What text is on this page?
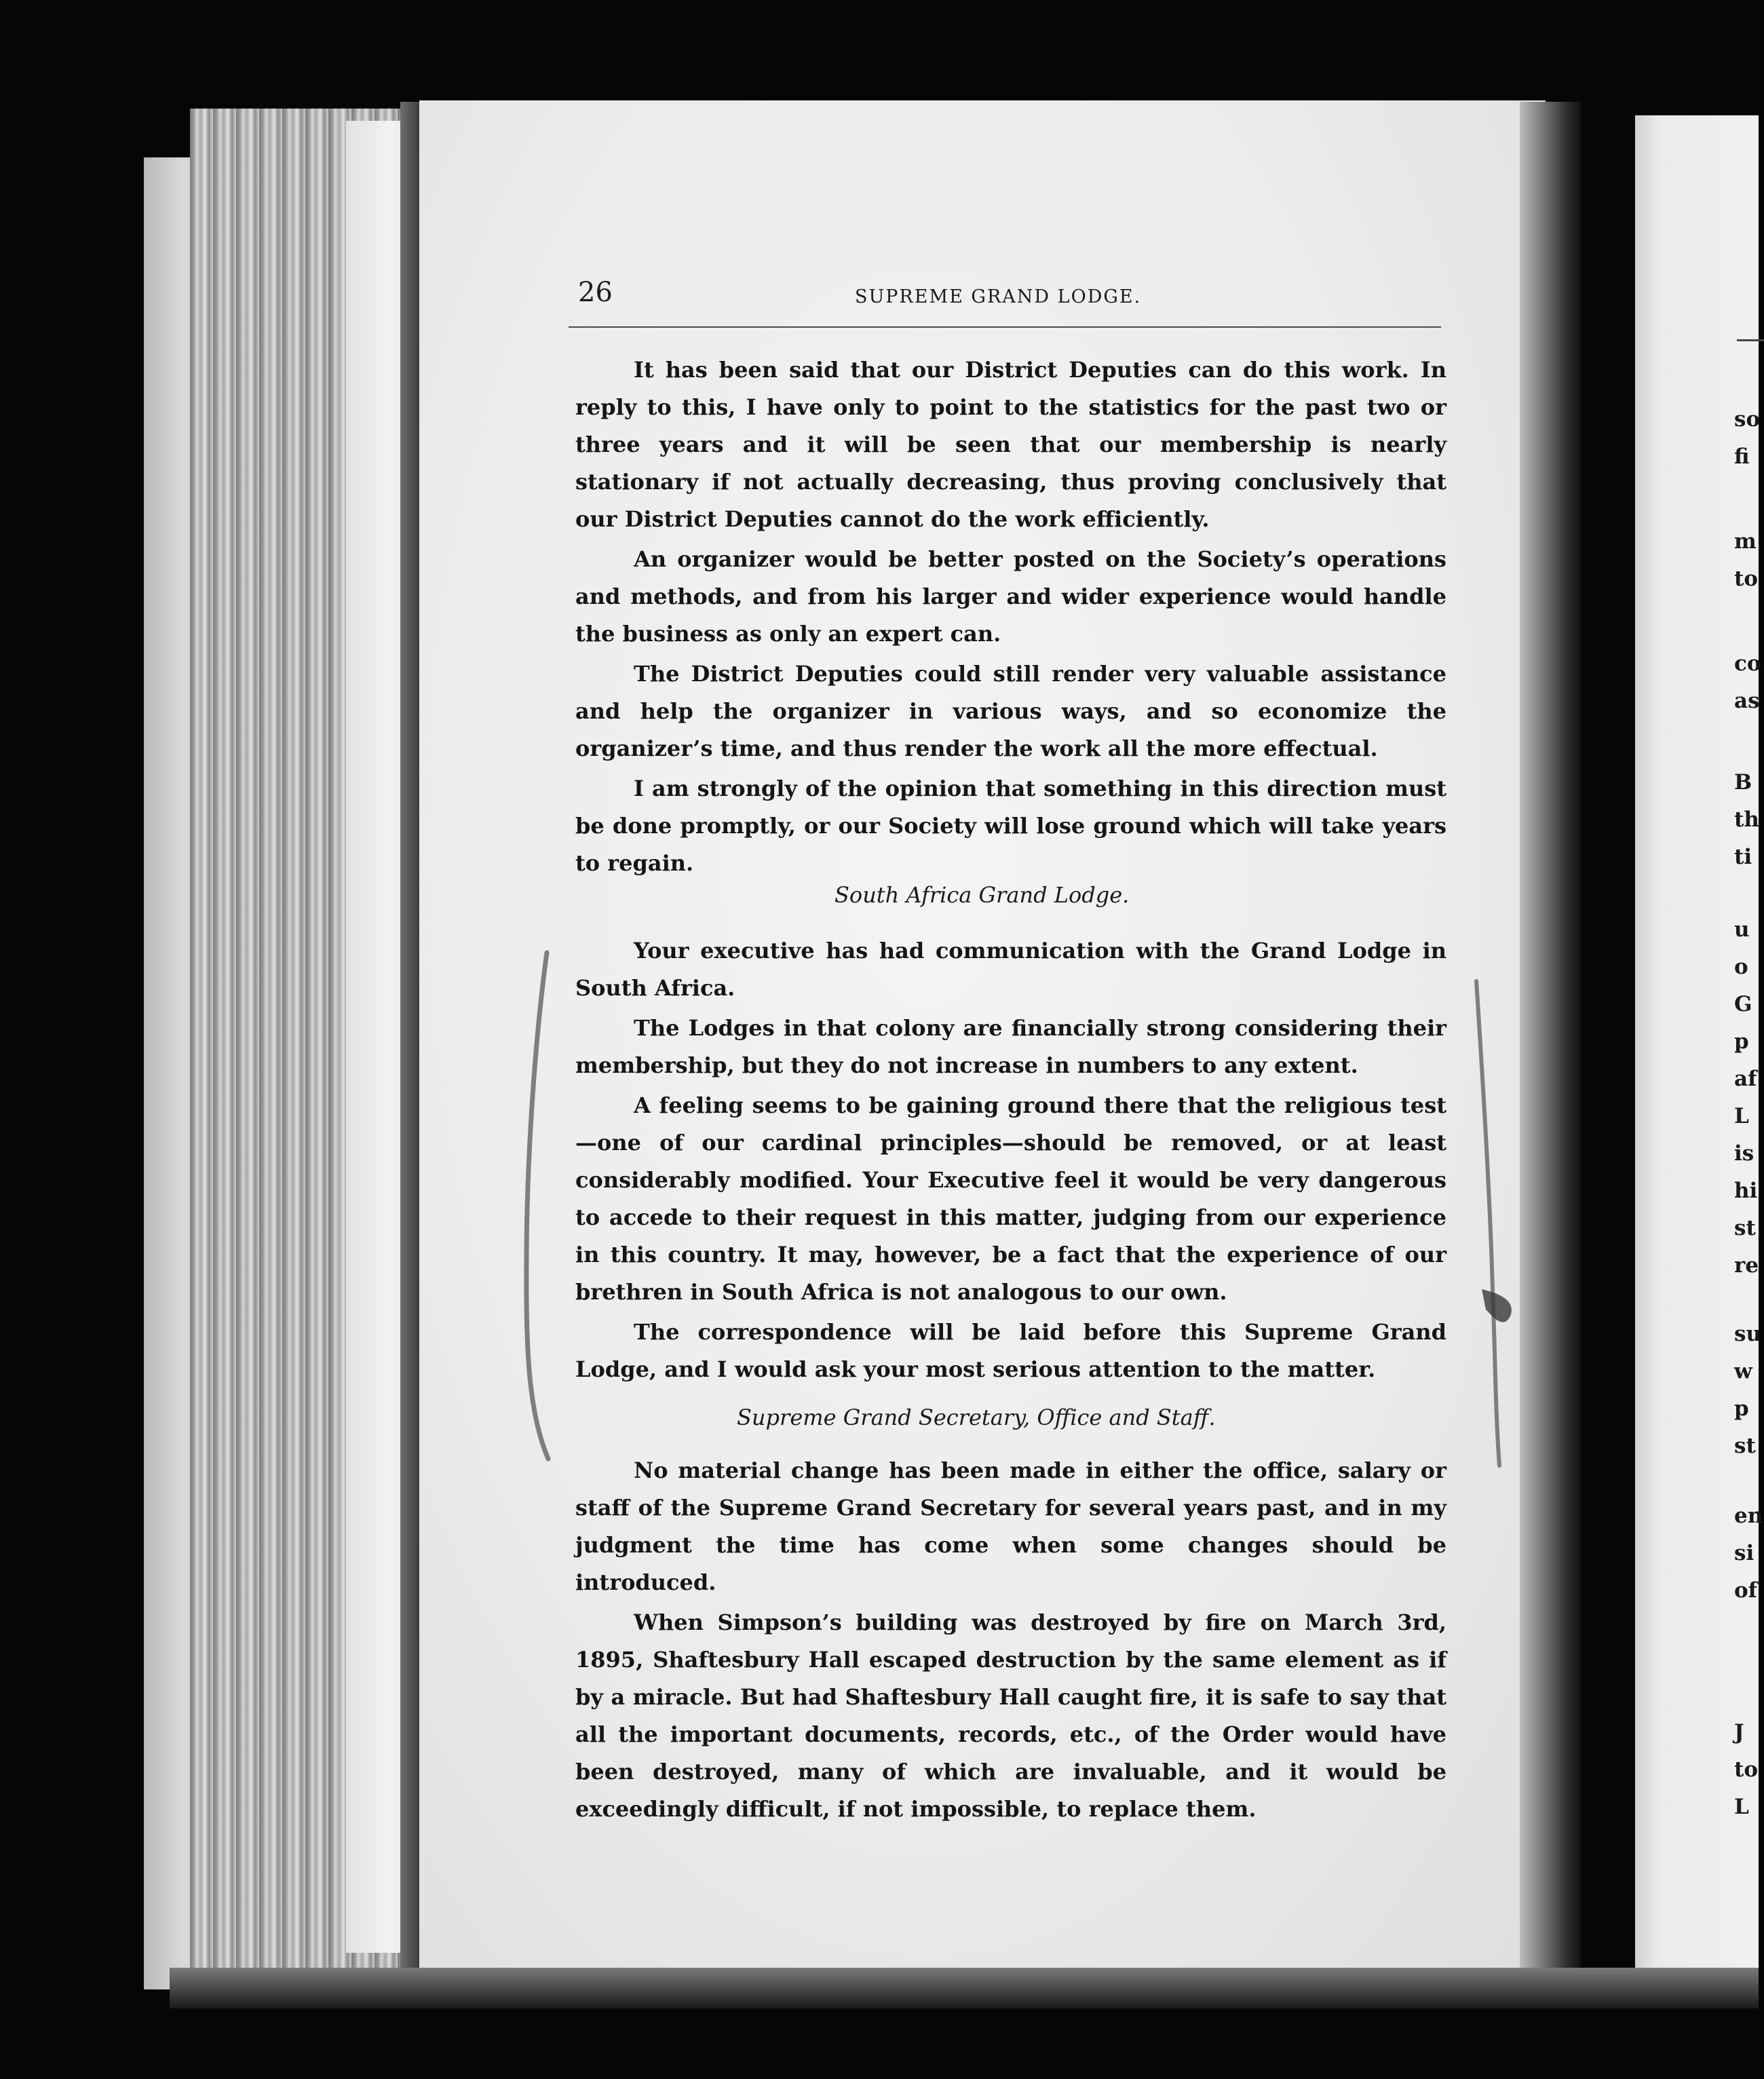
so
fi
m
to
co
as
B
th
ti
u
o
G
p
af
L
is
hi
st
re
su
w
p
st
en
si
of
J
to
L
26	SUPREME GRAND LODGE.

It has been said that our District Deputies can do this work. In reply to this, I have only to point to the statistics for the past two or three years and it will be seen that our membership is nearly stationary if not actually decreasing, thus proving conclusively that our District Deputies cannot do the work efficiently.

An organizer would be better posted on the Society’s operations and methods, and from his larger and wider experience would handle the business as only an expert can.

The District Deputies could still render very valuable assistance and help the organizer in various ways, and so economize the organizer’s time, and thus render the work all the more effectual.

I am strongly of the opinion that something in this direction must be done promptly, or our Society will lose ground which will take years to regain.

South Africa Grand Lodge.

Your executive has had communication with the Grand Lodge in South Africa.

The Lodges in that colony are financially strong considering their membership, but they do not increase in numbers to any extent.

A feeling seems to be gaining ground there that the religious test —one of our cardinal principles—should be removed, or at least considerably modified. Your Executive feel it would be very dangerous to accede to their request in this matter, judging from our experience in this country. It may, however, be a fact that the experience of our brethren in South Africa is not analogous to our own.

The correspondence will be laid before this Supreme Grand Lodge, and I would ask your most serious attention to the matter.

Supreme Grand Secretary, Office and Staff.

No material change has been made in either the office, salary or staff of the Supreme Grand Secretary for several years past, and in my judgment the time has come when some changes should be introduced.

When Simpson’s building was destroyed by fire on March 3rd, 1895, Shaftesbury Hall escaped destruction by the same element as if by a miracle. But had Shaftesbury Hall caught fire, it is safe to say that all the important documents, records, etc., of the Order would have been destroyed, many of which are invaluable, and it would be exceedingly difficult, if not impossible, to replace them.
